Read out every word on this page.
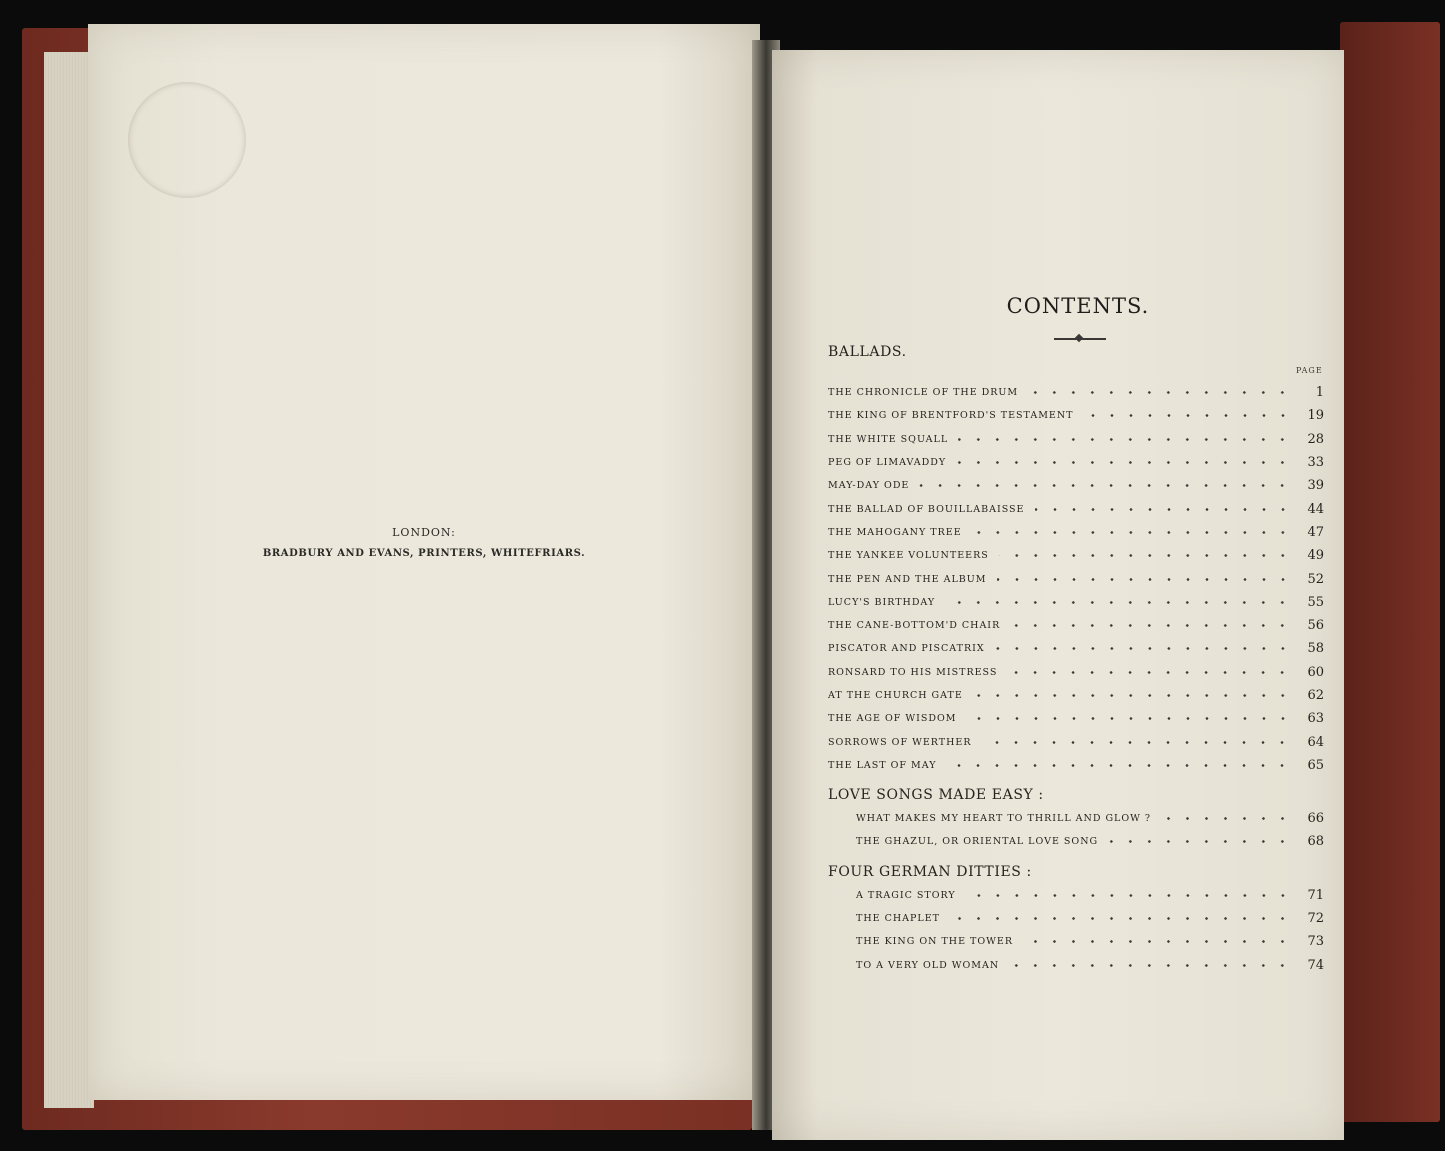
LONDON:
BRADBURY AND EVANS, PRINTERS, WHITEFRIARS.
CONTENTS.
PAGE
BALLADS.
THE CHRONICLE OF THE DRUM	1
THE KING OF BRENTFORD'S TESTAMENT	19
THE WHITE SQUALL	28
PEG OF LIMAVADDY	33
MAY-DAY ODE	39
THE BALLAD OF BOUILLABAISSE	44
THE MAHOGANY TREE	47
THE YANKEE VOLUNTEERS	49
THE PEN AND THE ALBUM	52
LUCY'S BIRTHDAY	55
THE CANE-BOTTOM'D CHAIR	56
PISCATOR AND PISCATRIX	58
RONSARD TO HIS MISTRESS	60
AT THE CHURCH GATE	62
THE AGE OF WISDOM	63
SORROWS OF WERTHER	64
THE LAST OF MAY	65
LOVE SONGS MADE EASY :
WHAT MAKES MY HEART TO THRILL AND GLOW ?	66
THE GHAZUL, OR ORIENTAL LOVE SONG	68
FOUR GERMAN DITTIES :
A TRAGIC STORY	71
THE CHAPLET	72
THE KING ON THE TOWER	73
TO A VERY OLD WOMAN	74
